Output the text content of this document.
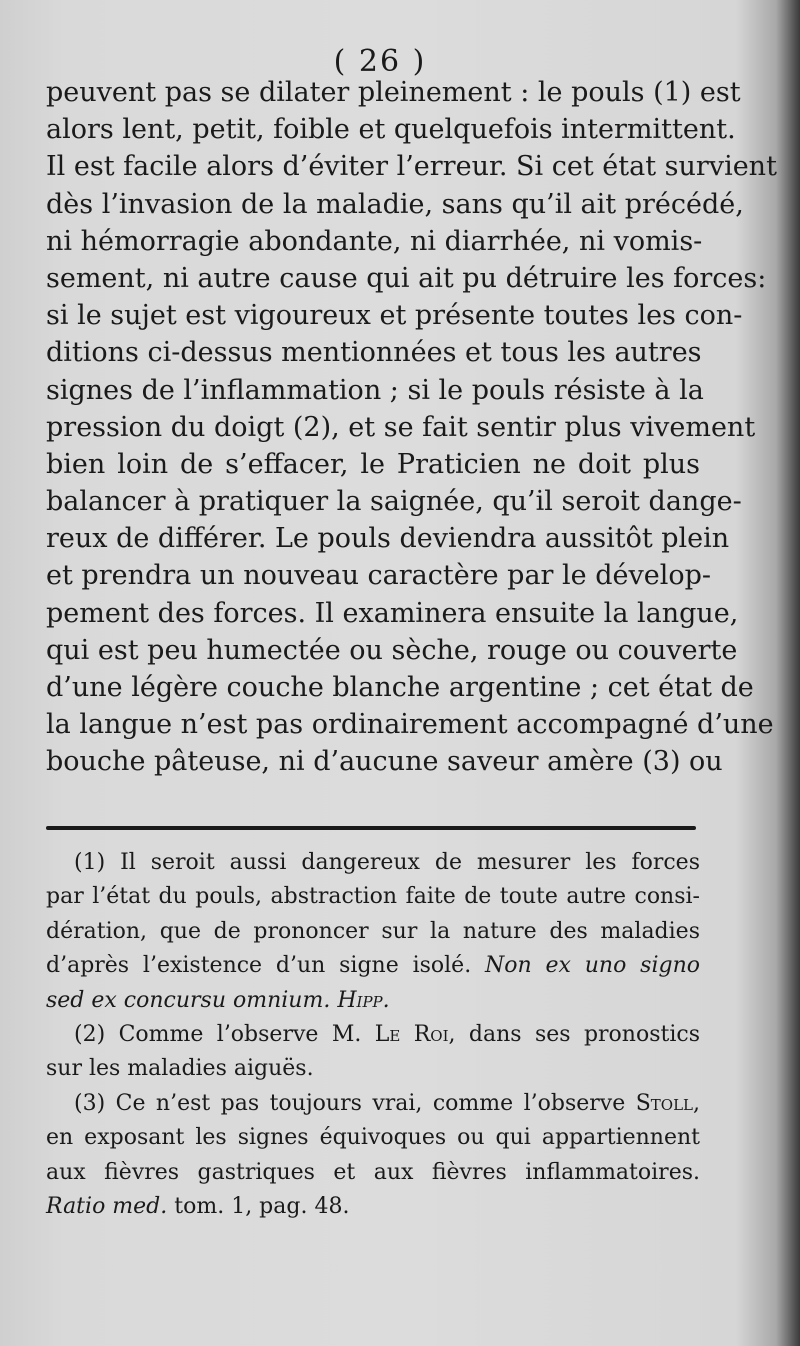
( 26 )
peuvent pas se dilater pleinement : le pouls (1) est
alors lent, petit, foible et quelquefois intermittent.
Il est facile alors d’éviter l’erreur. Si cet état survient
dès l’invasion de la maladie, sans qu’il ait précédé,
ni hémorragie abondante, ni diarrhée, ni vomis-
sement, ni autre cause qui ait pu détruire les forces:
si le sujet est vigoureux et présente toutes les con-
ditions ci-dessus mentionnées et tous les autres
signes de l’inflammation ; si le pouls résiste à la
pression du doigt (2), et se fait sentir plus vivement
bien loin de s’effacer, le Praticien ne doit plus
balancer à pratiquer la saignée, qu’il seroit dange-
reux de différer. Le pouls deviendra aussitôt plein
et prendra un nouveau caractère par le dévelop-
pement des forces. Il examinera ensuite la langue,
qui est peu humectée ou sèche, rouge ou couverte
d’une légère couche blanche argentine ; cet état de
la langue n’est pas ordinairement accompagné d’une
bouche pâteuse, ni d’aucune saveur amère (3) ou
(1) Il seroit aussi dangereux de mesurer les forces
par l’état du pouls, abstraction faite de toute autre consi-
dération, que de prononcer sur la nature des maladies
d’après l’existence d’un signe isolé. Non ex uno signo
sed ex concursu omnium. Hipp.
(2) Comme l’observe M. Le Roi, dans ses pronostics
sur les maladies aiguës.
(3) Ce n’est pas toujours vrai, comme l’observe Stoll,
en exposant les signes équivoques ou qui appartiennent
aux fièvres gastriques et aux fièvres inflammatoires.
Ratio med. tom. 1, pag. 48.
